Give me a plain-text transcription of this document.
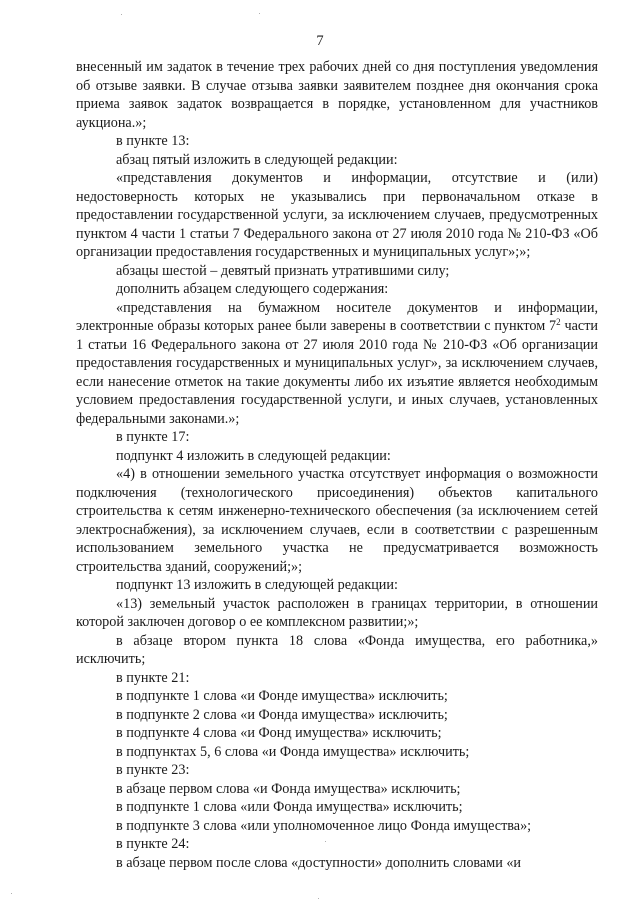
7

внесенный им задаток в течение трех рабочих дней со дня поступления уведомления об отзыве заявки. В случае отзыва заявки заявителем позднее дня окончания срока приема заявок задаток возвращается в порядке, установленном для участников аукциона.»;

в пункте 13:

абзац пятый изложить в следующей редакции:

«представления документов и информации, отсутствие и (или) недостоверность которых не указывались при первоначальном отказе в предоставлении государственной услуги, за исключением случаев, предусмотренных пунктом 4 части 1 статьи 7 Федерального закона от 27 июля 2010 года № 210-ФЗ «Об организации предоставления государственных и муниципальных услуг»;»;

абзацы шестой – девятый признать утратившими силу;

дополнить абзацем следующего содержания:

«представления на бумажном носителе документов и информации, электронные образы которых ранее были заверены в соответствии с пунктом $7^2$ части 1 статьи 16 Федерального закона от 27 июля 2010 года № 210-ФЗ «Об организации предоставления государственных и муниципальных услуг», за исключением случаев, если нанесение отметок на такие документы либо их изъятие является необходимым условием предоставления государственной услуги, и иных случаев, установленных федеральными законами.»;

в пункте 17:

подпункт 4 изложить в следующей редакции:

«4) в отношении земельного участка отсутствует информация о возможности подключения (технологического присоединения) объектов капитального строительства к сетям инженерно-технического обеспечения (за исключением сетей электроснабжения), за исключением случаев, если в соответствии с разрешенным использованием земельного участка не предусматривается возможность строительства зданий, сооружений;»;

подпункт 13 изложить в следующей редакции:

«13) земельный участок расположен в границах территории, в отношении которой заключен договор о ее комплексном развитии;»;

в абзаце втором пункта 18 слова «Фонда имущества, его работника,» исключить;

в пункте 21:

в подпункте 1 слова «и Фонде имущества» исключить;

в подпункте 2 слова «и Фонда имущества» исключить;

в подпункте 4 слова «и Фонд имущества» исключить;

в подпунктах 5, 6 слова «и Фонда имущества» исключить;

в пункте 23:

в абзаце первом слова «и Фонда имущества» исключить;

в подпункте 1 слова «или Фонда имущества» исключить;

в подпункте 3 слова «или уполномоченное лицо Фонда имущества»;

в пункте 24:

в абзаце первом после слова «доступности» дополнить словами «и
